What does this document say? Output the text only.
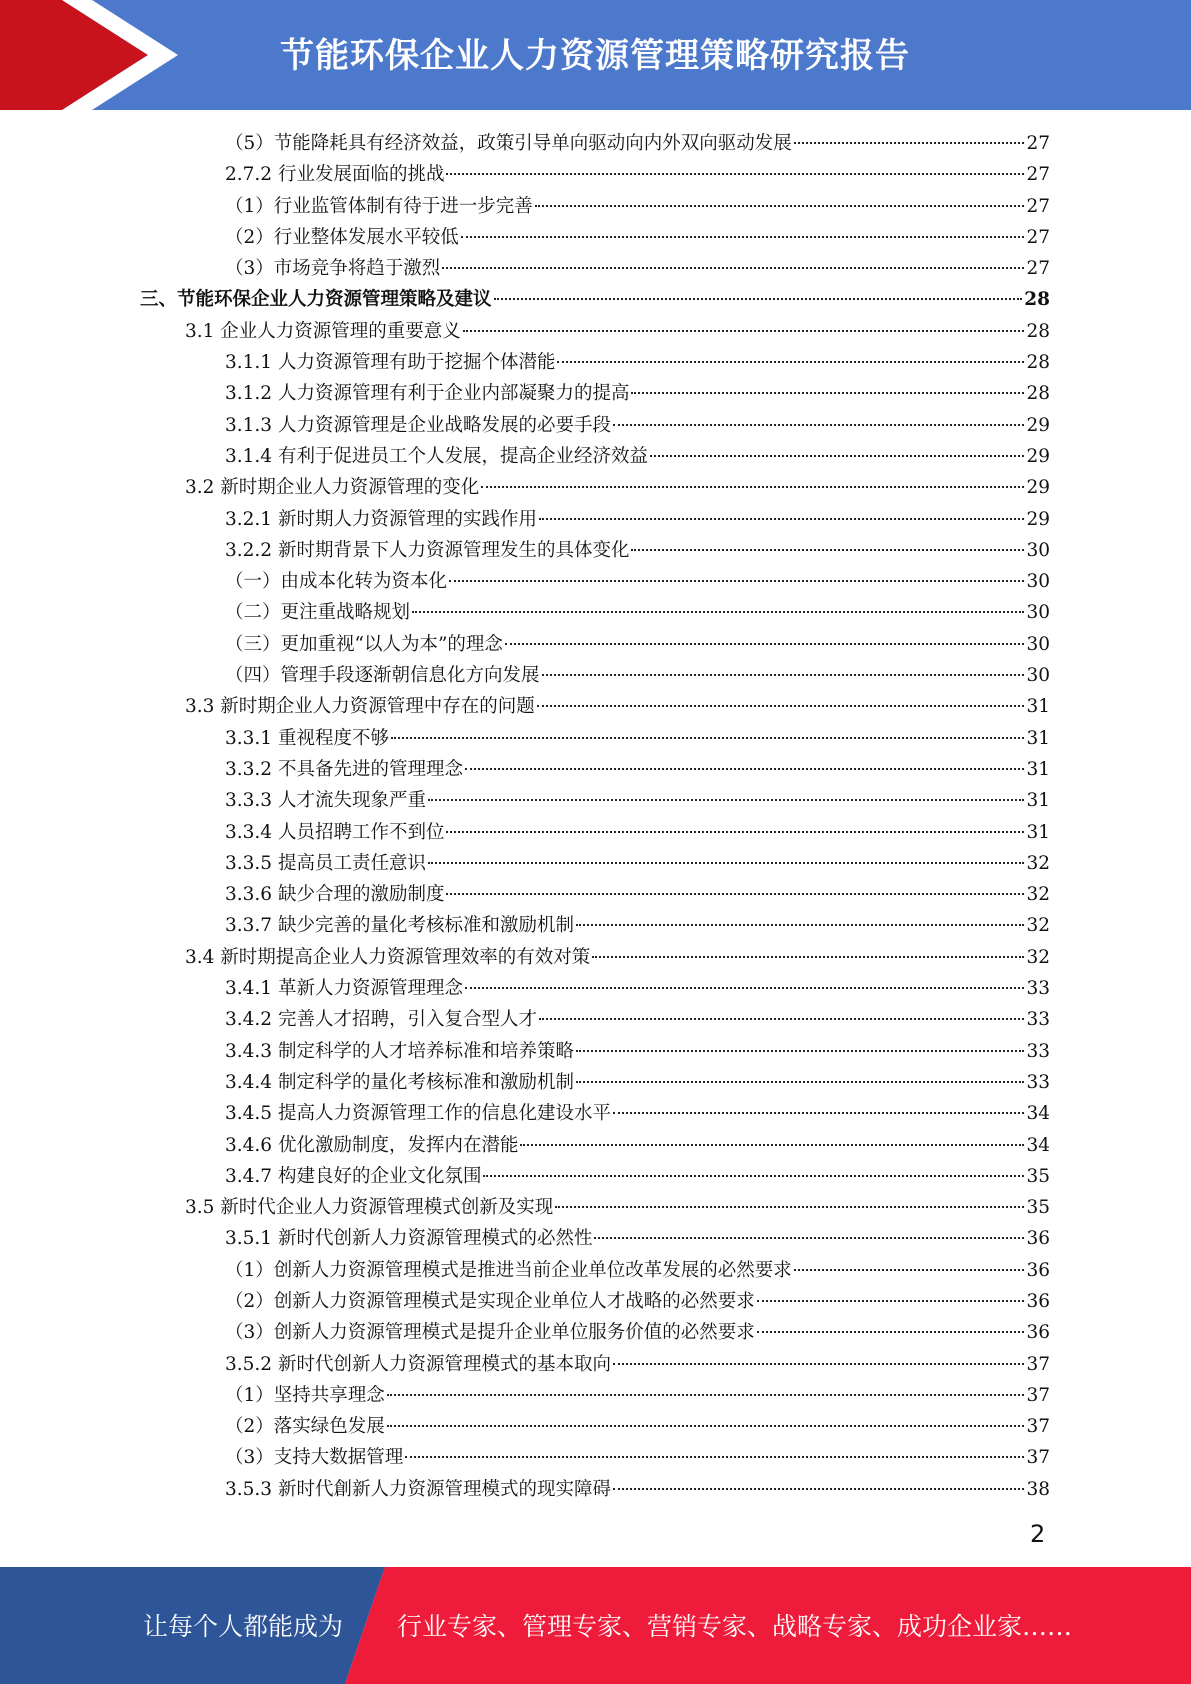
节能环保企业人力资源管理策略研究报告
（5）节能降耗具有经济效益，政策引导单向驱动向内外双向驱动发展	27
2.7.2 行业发展面临的挑战	27
（1）行业监管体制有待于进一步完善	27
（2）行业整体发展水平较低	27
（3）市场竞争将趋于激烈	27
三、节能环保企业人力资源管理策略及建议	28
3.1 企业人力资源管理的重要意义	28
3.1.1 人力资源管理有助于挖掘个体潜能	28
3.1.2 人力资源管理有利于企业内部凝聚力的提高	28
3.1.3 人力资源管理是企业战略发展的必要手段	29
3.1.4 有利于促进员工个人发展，提高企业经济效益	29
3.2 新时期企业人力资源管理的变化	29
3.2.1 新时期人力资源管理的实践作用	29
3.2.2 新时期背景下人力资源管理发生的具体变化	30
（一）由成本化转为资本化	30
（二）更注重战略规划	30
（三）更加重视“以人为本”的理念	30
（四）管理手段逐渐朝信息化方向发展	30
3.3 新时期企业人力资源管理中存在的问题	31
3.3.1 重视程度不够	31
3.3.2 不具备先进的管理理念	31
3.3.3 人才流失现象严重	31
3.3.4 人员招聘工作不到位	31
3.3.5 提高员工责任意识	32
3.3.6 缺少合理的激励制度	32
3.3.7 缺少完善的量化考核标准和激励机制	32
3.4 新时期提高企业人力资源管理效率的有效对策	32
3.4.1 革新人力资源管理理念	33
3.4.2 完善人才招聘，引入复合型人才	33
3.4.3 制定科学的人才培养标准和培养策略	33
3.4.4 制定科学的量化考核标准和激励机制	33
3.4.5 提高人力资源管理工作的信息化建设水平	34
3.4.6 优化激励制度，发挥内在潜能	34
3.4.7 构建良好的企业文化氛围	35
3.5 新时代企业人力资源管理模式创新及实现	35
3.5.1 新时代创新人力资源管理模式的必然性	36
（1）创新人力资源管理模式是推进当前企业单位改革发展的必然要求	36
（2）创新人力资源管理模式是实现企业单位人才战略的必然要求	36
（3）创新人力资源管理模式是提升企业单位服务价值的必然要求	36
3.5.2 新时代创新人力资源管理模式的基本取向	37
（1）坚持共享理念	37
（2）落实绿色发展	37
（3）支持大数据管理	37
3.5.3 新时代創新人力资源管理模式的现实障碍	38
2
让每个人都能成为 行业专家、管理专家、营销专家、战略专家、成功企业家……
